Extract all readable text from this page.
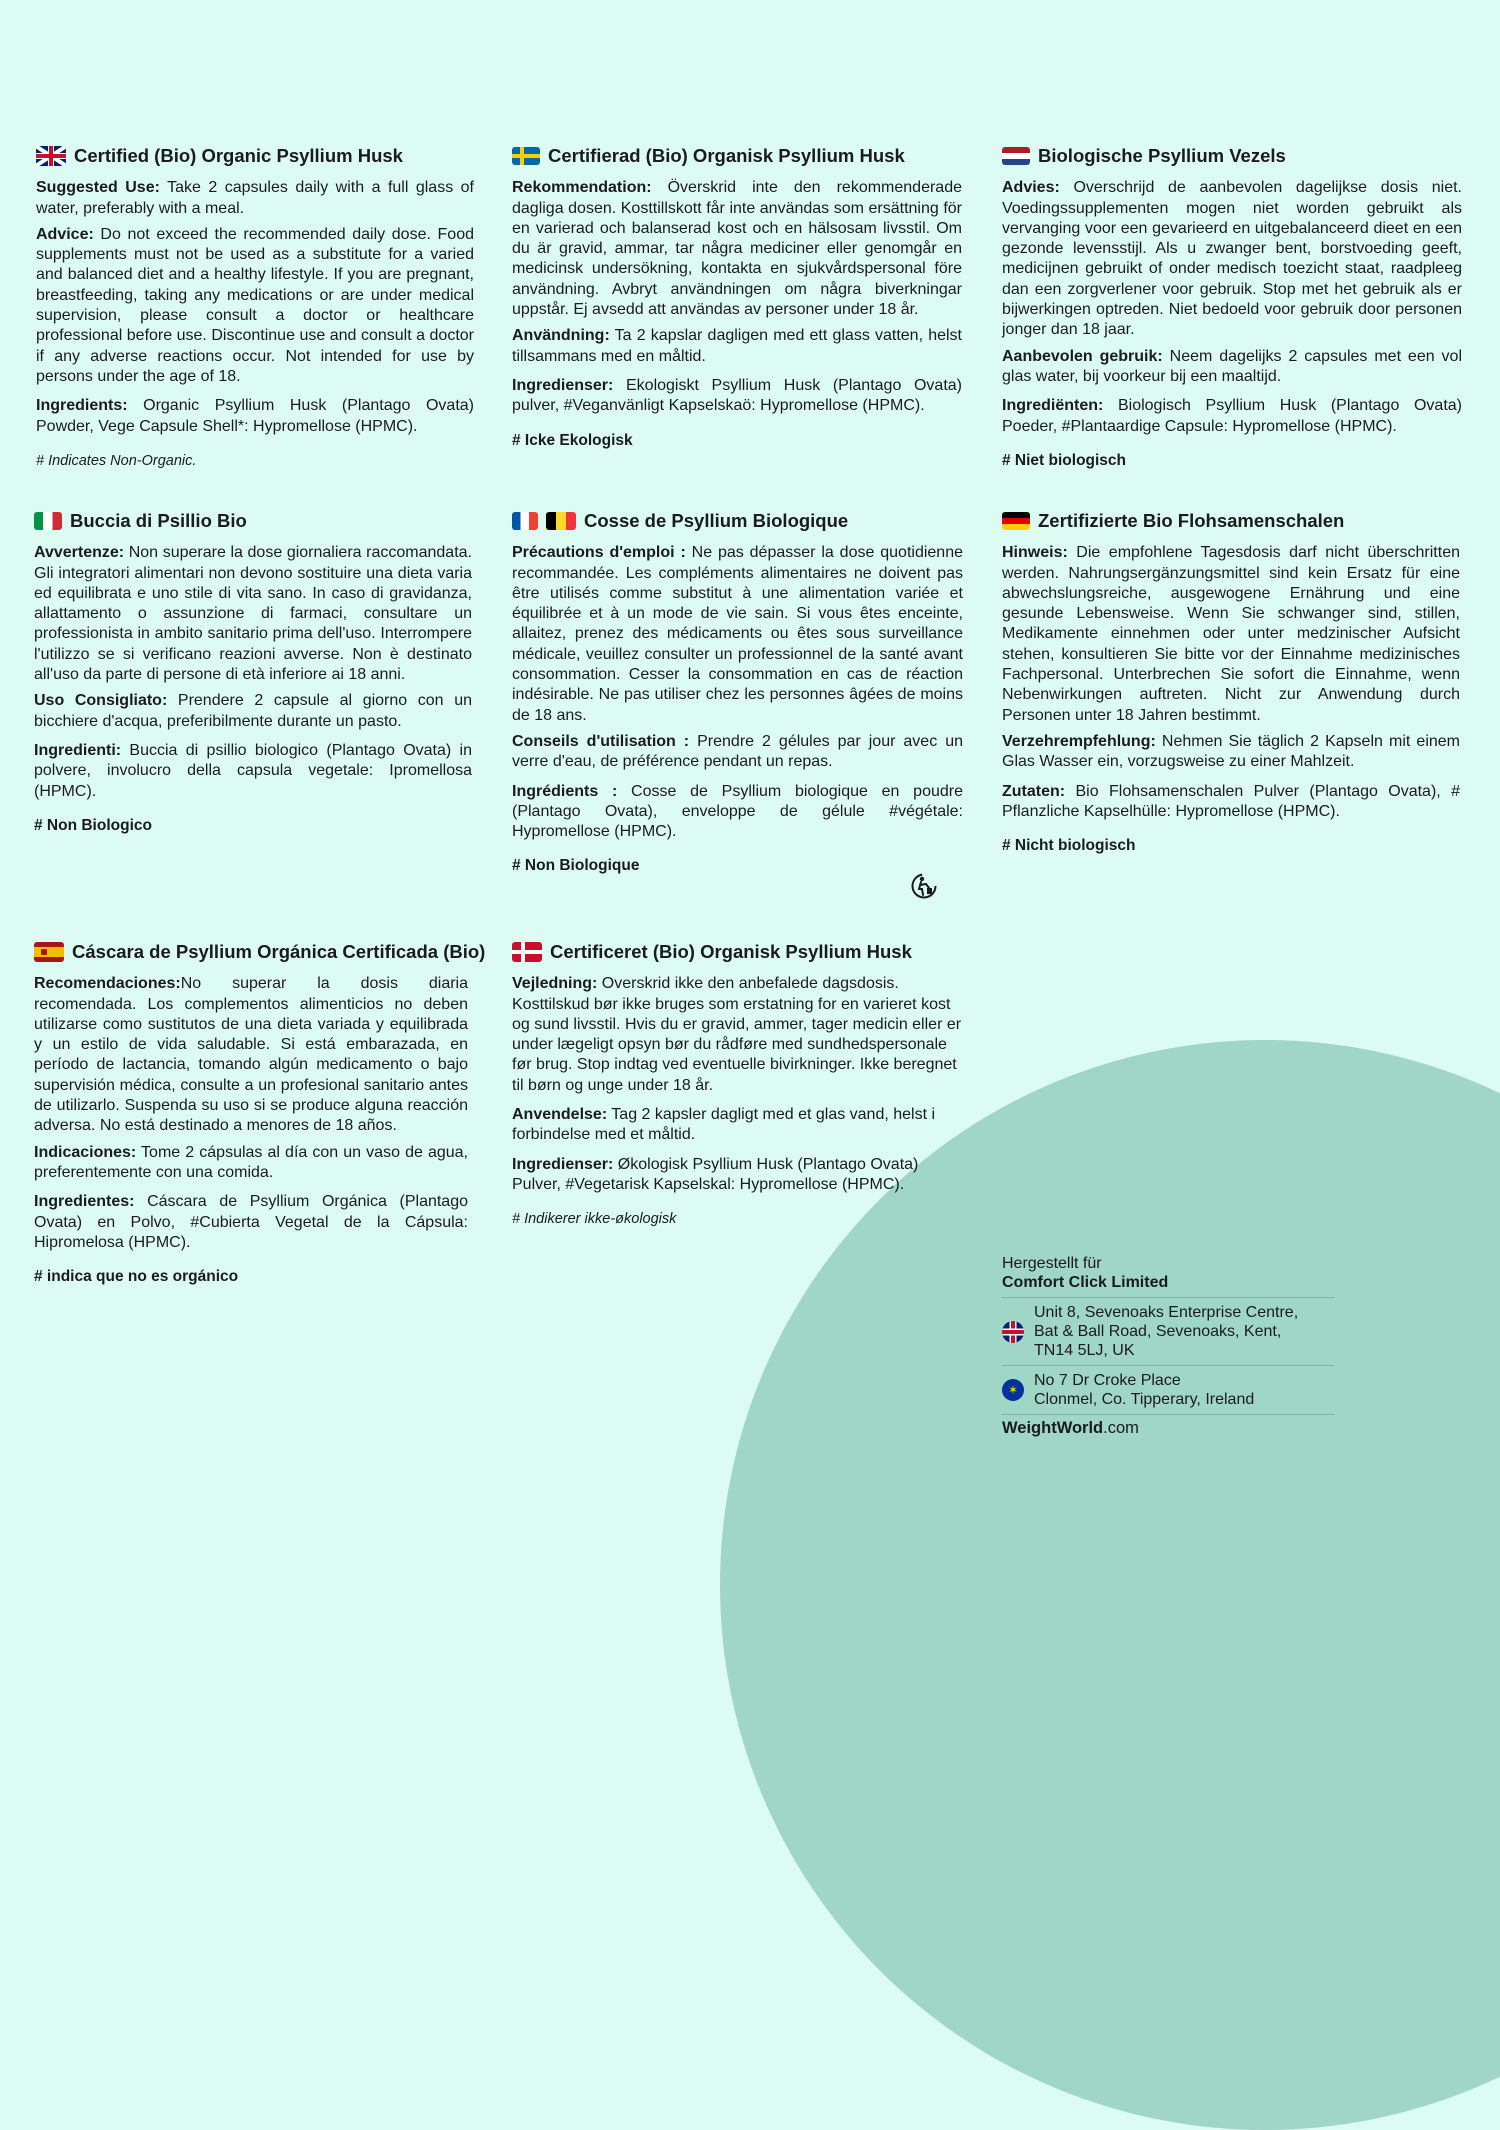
Certified (Bio) Organic Psyllium Husk

Suggested Use: Take 2 capsules daily with a full glass of water, preferably with a meal.

Advice: Do not exceed the recommended daily dose. Food supplements must not be used as a substitute for a varied and balanced diet and a healthy lifestyle. If you are pregnant, breastfeeding, taking any medications or are under medical supervision, please consult a doctor or healthcare professional before use. Discontinue use and consult a doctor if any adverse reactions occur. Not intended for use by persons under the age of 18.

Ingredients: Organic Psyllium Husk (Plantago Ovata) Powder, Vege Capsule Shell*: Hypromellose (HPMC).

# Indicates Non-Organic.
Certifierad (Bio) Organisk Psyllium Husk

Rekommendation: Överskrid inte den rekommenderade dagliga dosen. Kosttillskott får inte användas som ersättning för en varierad och balanserad kost och en hälsosam livsstil. Om du är gravid, ammar, tar några mediciner eller genomgår en medicinsk undersökning, kontakta en sjukvårdspersonal före användning. Avbryt användningen om några biverkningar uppstår. Ej avsedd att användas av personer under 18 år.

Användning: Ta 2 kapslar dagligen med ett glass vatten, helst tillsammans med en måltid.

Ingredienser: Ekologiskt Psyllium Husk (Plantago Ovata) pulver, #Veganvänligt Kapselskaö: Hypromellose (HPMC).

# Icke Ekologisk
Biologische Psyllium Vezels

Advies: Overschrijd de aanbevolen dagelijkse dosis niet. Voedingssupplementen mogen niet worden gebruikt als vervanging voor een gevarieerd en uitgebalanceerd dieet en een gezonde levensstijl. Als u zwanger bent, borstvoeding geeft, medicijnen gebruikt of onder medisch toezicht staat, raadpleeg dan een zorgverlener voor gebruik. Stop met het gebruik als er bijwerkingen optreden. Niet bedoeld voor gebruik door personen jonger dan 18 jaar.

Aanbevolen gebruik: Neem dagelijks 2 capsules met een vol glas water, bij voorkeur bij een maaltijd.

Ingrediënten: Biologisch Psyllium Husk (Plantago Ovata) Poeder, #Plantaardige Capsule: Hypromellose (HPMC).

# Niet biologisch
Buccia di Psillio Bio

Avvertenze: Non superare la dose giornaliera raccomandata. Gli integratori alimentari non devono sostituire una dieta varia ed equilibrata e uno stile di vita sano. In caso di gravidanza, allattamento o assunzione di farmaci, consultare un professionista in ambito sanitario prima dell'uso. Interrompere l'utilizzo se si verificano reazioni avverse. Non è destinato all'uso da parte di persone di età inferiore ai 18 anni.

Uso Consigliato: Prendere 2 capsule al giorno con un bicchiere d'acqua, preferibilmente durante un pasto.

Ingredienti: Buccia di psillio biologico (Plantago Ovata) in polvere, involucro della capsula vegetale: Ipromellosa (HPMC).

# Non Biologico
Cosse de Psyllium Biologique

Précautions d'emploi : Ne pas dépasser la dose quotidienne recommandée. Les compléments alimentaires ne doivent pas être utilisés comme substitut à une alimentation variée et équilibrée et à un mode de vie sain. Si vous êtes enceinte, allaitez, prenez des médicaments ou êtes sous surveillance médicale, veuillez consulter un professionnel de la santé avant consommation. Cesser la consommation en cas de réaction indésirable. Ne pas utiliser chez les personnes âgées de moins de 18 ans.

Conseils d'utilisation : Prendre 2 gélules par jour avec un verre d'eau, de préférence pendant un repas.

Ingrédients : Cosse de Psyllium biologique en poudre (Plantago Ovata), enveloppe de gélule #végétale: Hypromellose (HPMC).

# Non Biologique
Zertifizierte Bio Flohsamenschalen

Hinweis: Die empfohlene Tagesdosis darf nicht überschritten werden. Nahrungsergänzungsmittel sind kein Ersatz für eine abwechslungsreiche, ausgewogene Ernährung und eine gesunde Lebensweise. Wenn Sie schwanger sind, stillen, Medikamente einnehmen oder unter medzinischer Aufsicht stehen, konsultieren Sie bitte vor der Einnahme medizinisches Fachpersonal. Unterbrechen Sie sofort die Einnahme, wenn Nebenwirkungen auftreten. Nicht zur Anwendung durch Personen unter 18 Jahren bestimmt.

Verzehrempfehlung: Nehmen Sie täglich 2 Kapseln mit einem Glas Wasser ein, vorzugsweise zu einer Mahlzeit.

Zutaten: Bio Flohsamenschalen Pulver (Plantago Ovata), # Pflanzliche Kapselhülle: Hypromellose (HPMC).

# Nicht biologisch
Cáscara de Psyllium Orgánica Certificada (Bio)

Recomendaciones:No superar la dosis diaria recomendada. Los complementos alimenticios no deben utilizarse como sustitutos de una dieta variada y equilibrada y un estilo de vida saludable. Si está embarazada, en período de lactancia, tomando algún medicamento o bajo supervisión médica, consulte a un profesional sanitario antes de utilizarlo. Suspenda su uso si se produce alguna reacción adversa. No está destinado a menores de 18 años.

Indicaciones: Tome 2 cápsulas al día con un vaso de agua, preferentemente con una comida.

Ingredientes: Cáscara de Psyllium Orgánica (Plantago Ovata) en Polvo, #Cubierta Vegetal de la Cápsula: Hipromelosa (HPMC).

# indica que no es orgánico
Certificeret (Bio) Organisk Psyllium Husk

Vejledning: Overskrid ikke den anbefalede dagsdosis. Kosttilskud bør ikke bruges som erstatning for en varieret kost og sund livsstil. Hvis du er gravid, ammer, tager medicin eller er under lægeligt opsyn bør du rådføre med sundhedspersonale før brug. Stop indtag ved eventuelle bivirkninger. Ikke beregnet til børn og unge under 18 år.

Anvendelse: Tag 2 kapsler dagligt med et glas vand, helst i forbindelse med et måltid.

Ingredienser: Økologisk Psyllium Husk (Plantago Ovata) Pulver, #Vegetarisk Kapselskal: Hypromellose (HPMC).

# Indikerer ikke-økologisk
Hergestellt für
Comfort Click Limited
Unit 8, Sevenoaks Enterprise Centre,
Bat & Ball Road, Sevenoaks, Kent,
TN14 5LJ, UK
✶
No 7 Dr Croke Place
Clonmel, Co. Tipperary, Ireland
WeightWorld.com
